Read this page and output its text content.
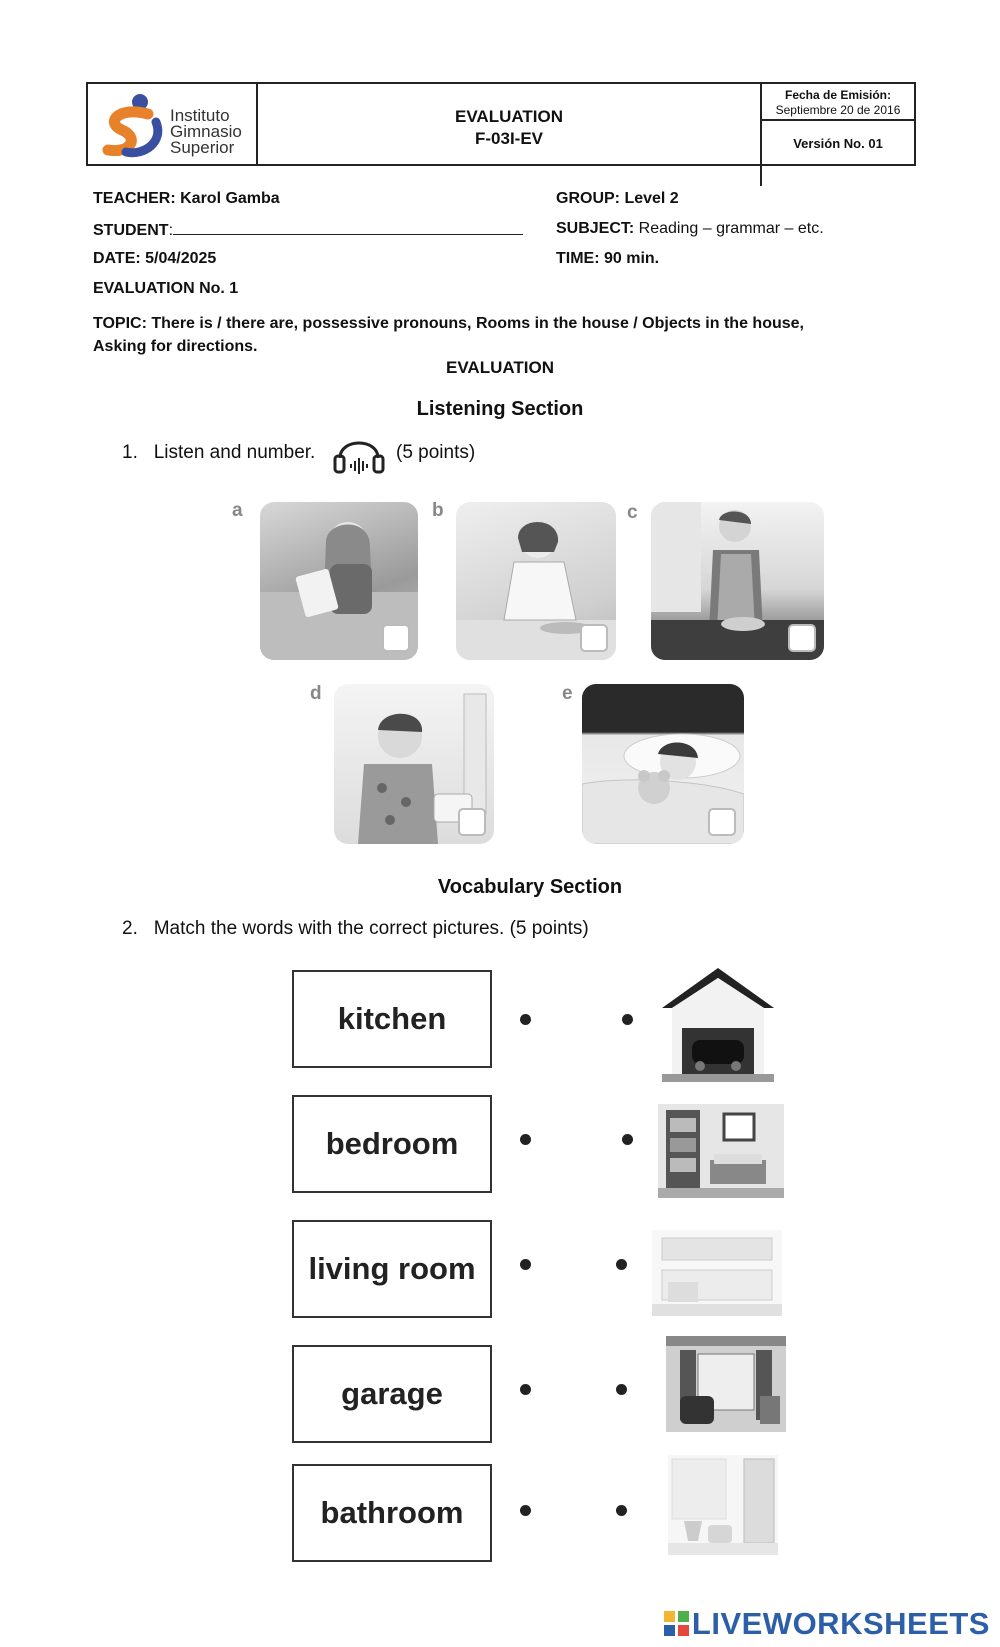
Instituto
Gimnasio
Superior
EVALUATION
F-03I-EV
Fecha de Emisión:
Septiembre 20 de 2016
Versión No. 01
TEACHER: Karol Gamba	GROUP: Level 2
STUDENT:	SUBJECT: Reading – grammar – etc.
DATE: 5/04/2025	TIME: 90 min.
EVALUATION No. 1
TOPIC: There is / there are, possessive pronouns, Rooms in the house / Objects in the house,
Asking for directions.
EVALUATION
Listening Section
1. Listen and number.	(5 points)
a	b	c
d	e
Vocabulary Section
2. Match the words with the correct pictures. (5 points)
kitchen
bedroom
living room
garage
bathroom
LIVEWORKSHEETS
